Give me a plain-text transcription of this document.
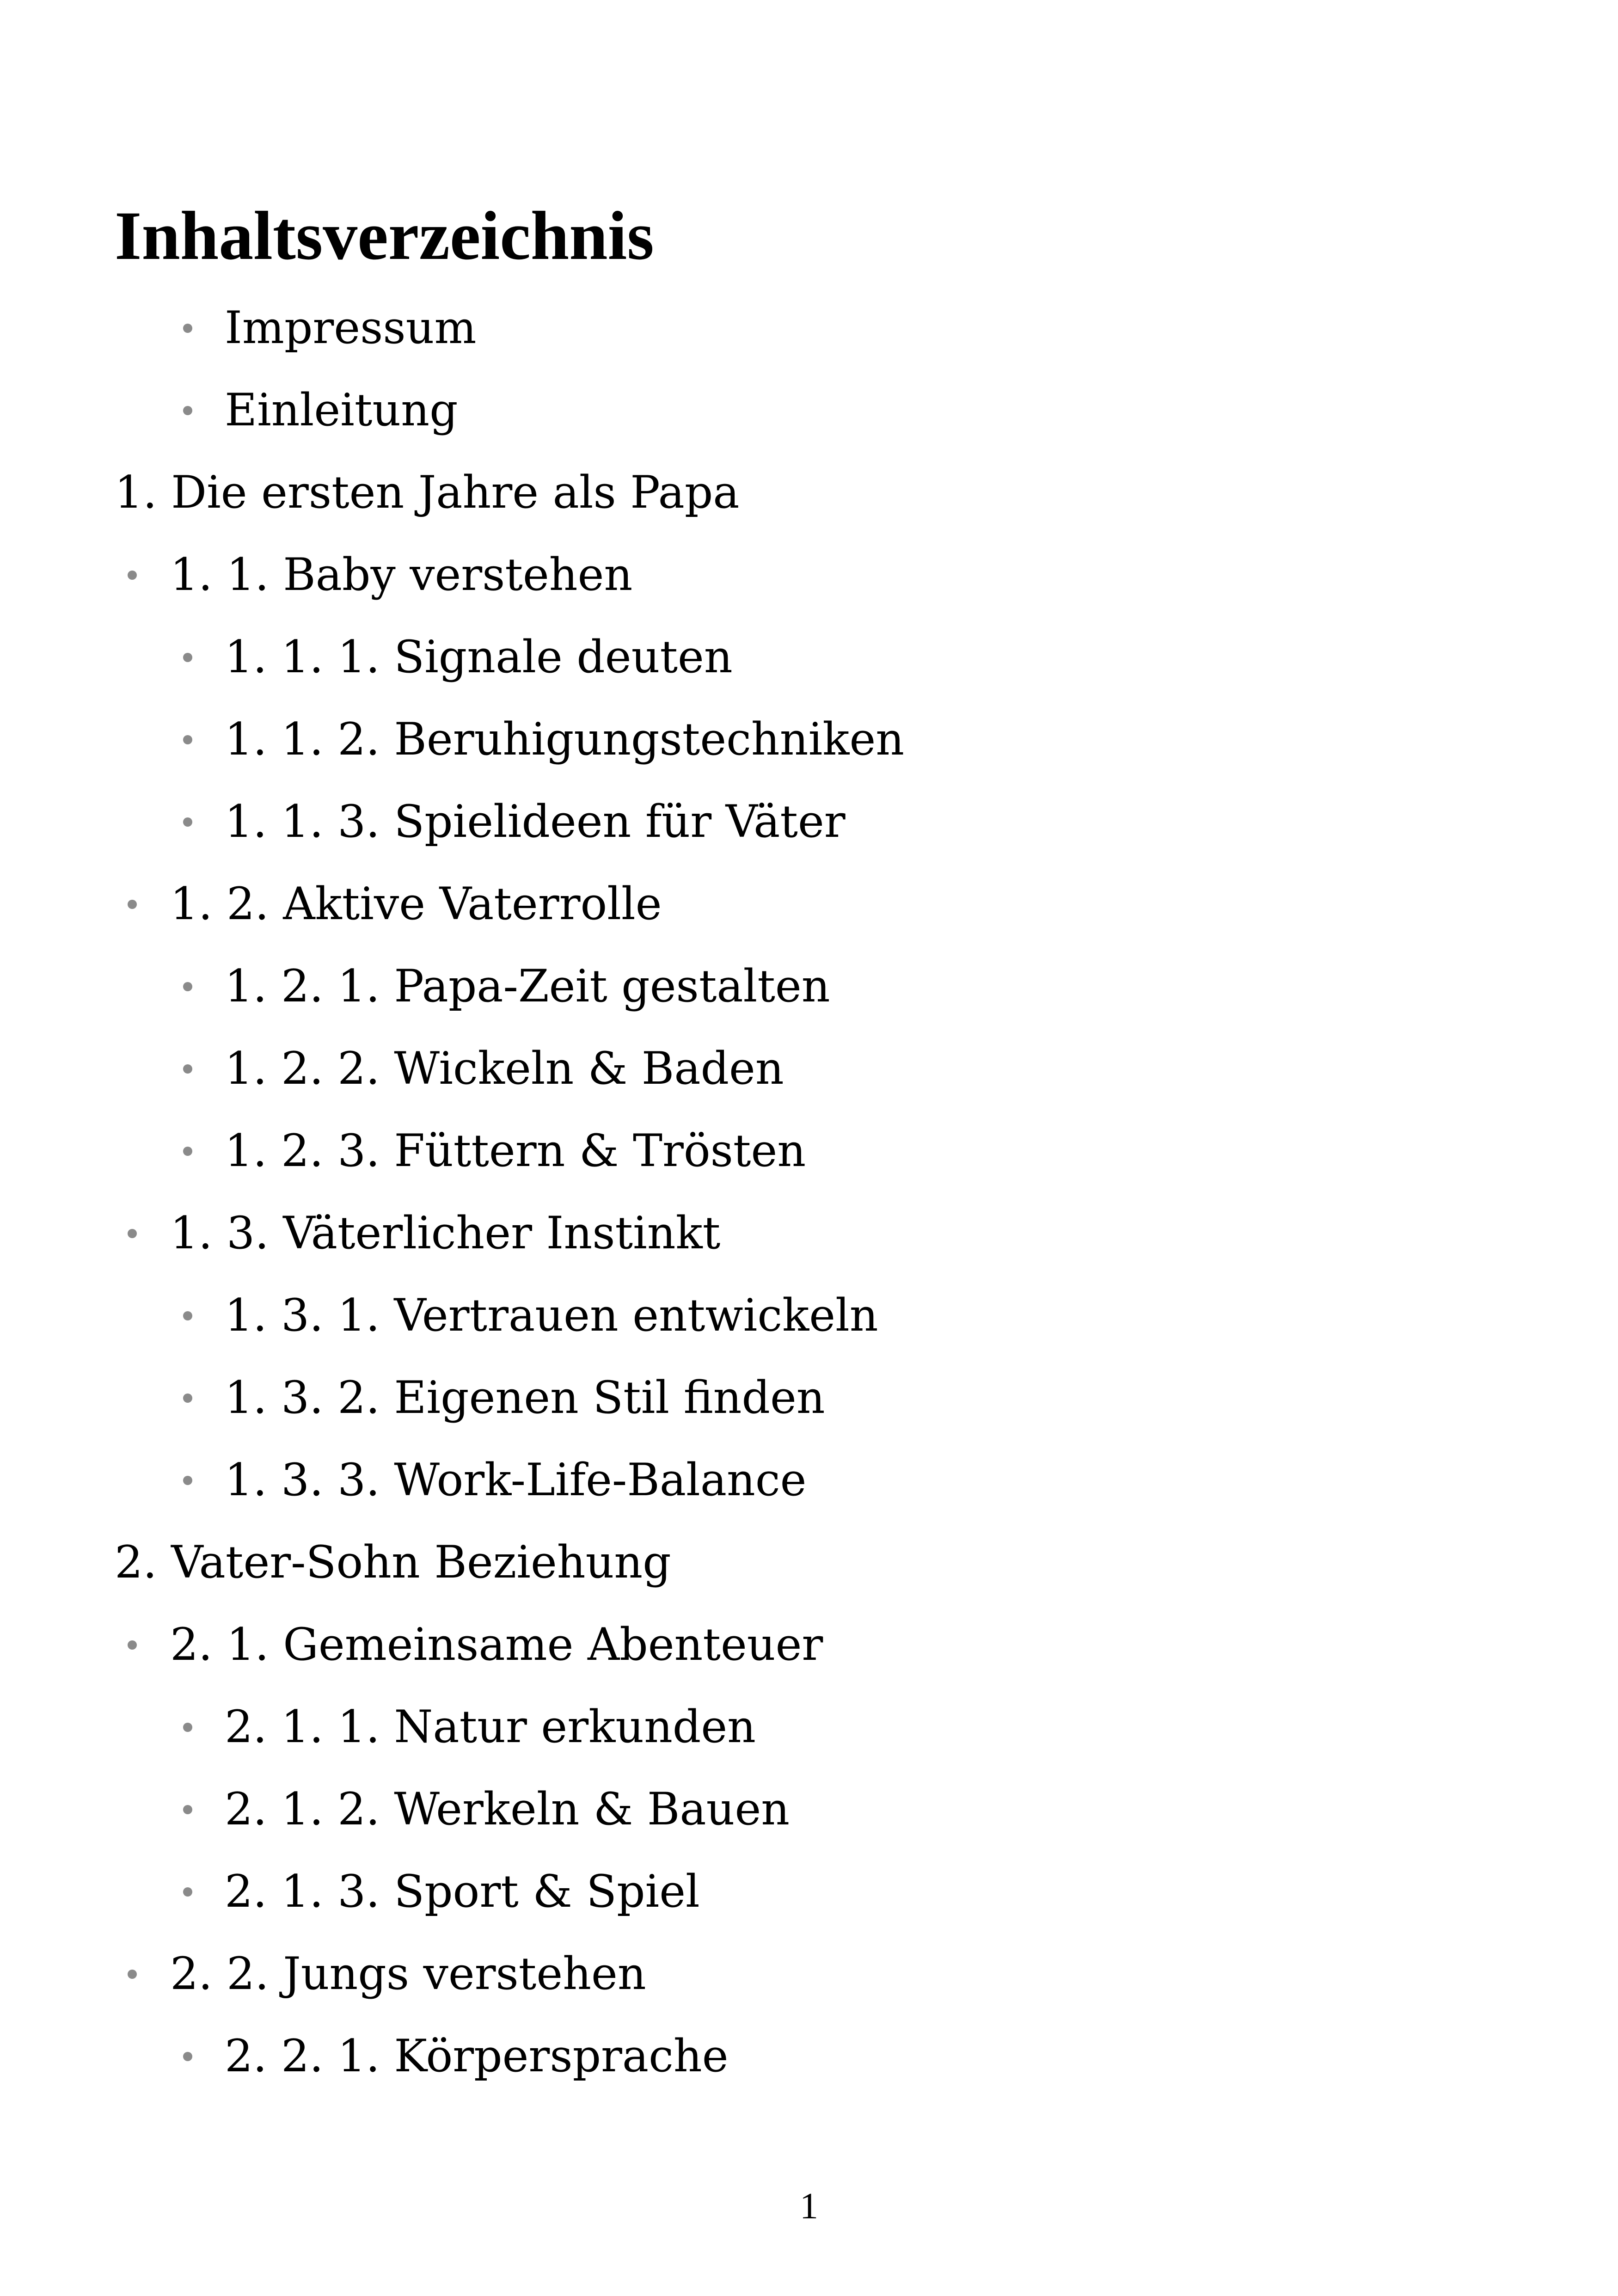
Inhaltsverzeichnis
Impressum
Einleitung
1. Die ersten Jahre als Papa
1. 1. Baby verstehen
1. 1. 1. Signale deuten
1. 1. 2. Beruhigungstechniken
1. 1. 3. Spielideen für Väter
1. 2. Aktive Vaterrolle
1. 2. 1. Papa-Zeit gestalten
1. 2. 2. Wickeln & Baden
1. 2. 3. Füttern & Trösten
1. 3. Väterlicher Instinkt
1. 3. 1. Vertrauen entwickeln
1. 3. 2. Eigenen Stil finden
1. 3. 3. Work-Life-Balance
2. Vater-Sohn Beziehung
2. 1. Gemeinsame Abenteuer
2. 1. 1. Natur erkunden
2. 1. 2. Werkeln & Bauen
2. 1. 3. Sport & Spiel
2. 2. Jungs verstehen
2. 2. 1. Körpersprache
1
